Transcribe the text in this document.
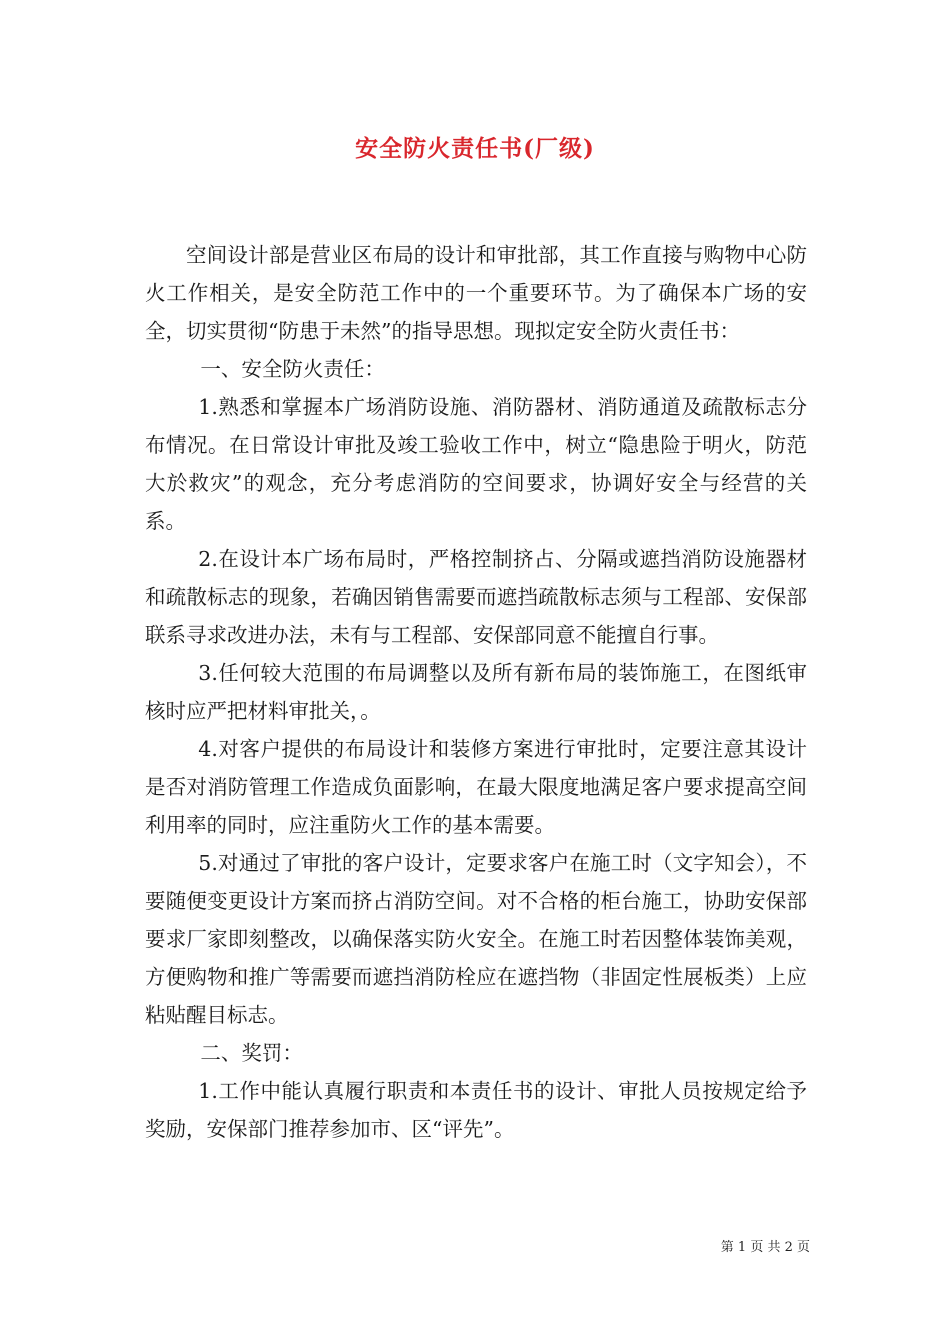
安全防火责任书(厂级)

空间设计部是营业区布局的设计和审批部，其工作直接与购物中心防火工作相关，是安全防范工作中的一个重要环节。为了确保本广场的安全，切实贯彻“防患于未然”的指导思想。现拟定安全防火责任书：

一、安全防火责任：

1.熟悉和掌握本广场消防设施、消防器材、消防通道及疏散标志分布情况。在日常设计审批及竣工验收工作中，树立“隐患险于明火，防范大於救灾”的观念，充分考虑消防的空间要求，协调好安全与经营的关系。

2.在设计本广场布局时，严格控制挤占、分隔或遮挡消防设施器材和疏散标志的现象，若确因销售需要而遮挡疏散标志须与工程部、安保部联系寻求改进办法，未有与工程部、安保部同意不能擅自行事。

3.任何较大范围的布局调整以及所有新布局的装饰施工，在图纸审核时应严把材料审批关，。

4.对客户提供的布局设计和装修方案进行审批时，定要注意其设计是否对消防管理工作造成负面影响，在最大限度地满足客户要求提高空间利用率的同时，应注重防火工作的基本需要。

5.对通过了审批的客户设计，定要求客户在施工时（文字知会），不要随便变更设计方案而挤占消防空间。对不合格的柜台施工，协助安保部要求厂家即刻整改，以确保落实防火安全。在施工时若因整体装饰美观，方便购物和推广等需要而遮挡消防栓应在遮挡物（非固定性展板类）上应粘贴醒目标志。

二、奖罚：

1.工作中能认真履行职责和本责任书的设计、审批人员按规定给予奖励，安保部门推荐参加市、区“评先”。

第 1 页 共 2 页
